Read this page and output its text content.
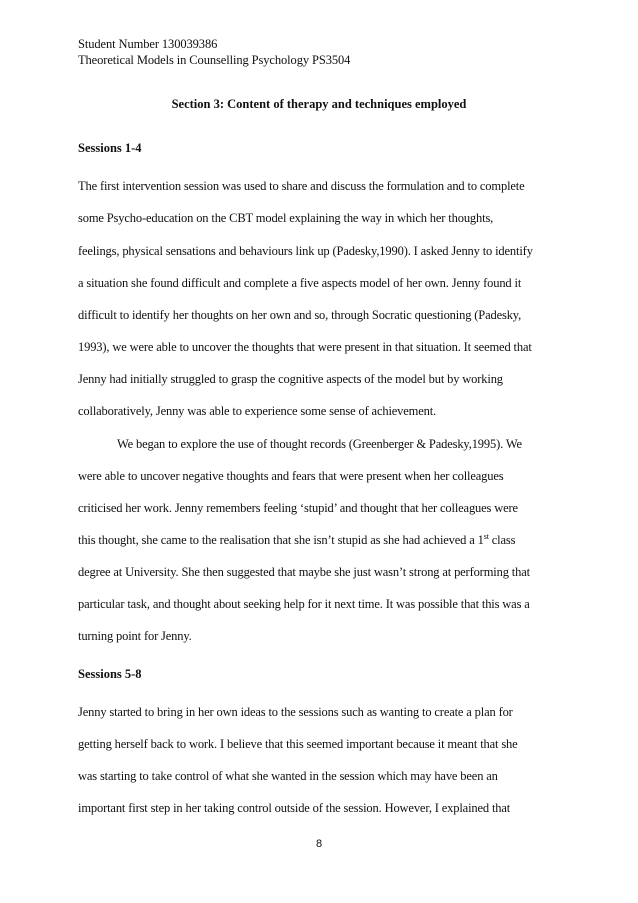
Student Number 130039386
Theoretical Models in Counselling Psychology PS3504
Section 3: Content of therapy and techniques employed
Sessions 1-4
The first intervention session was used to share and discuss the formulation and to complete
some Psycho-education on the CBT model explaining the way in which her thoughts,
feelings, physical sensations and behaviours link up (Padesky,1990). I asked Jenny to identify
a situation she found difficult and complete a five aspects model of her own. Jenny found it
difficult to identify her thoughts on her own and so, through Socratic questioning (Padesky,
1993), we were able to uncover the thoughts that were present in that situation. It seemed that
Jenny had initially struggled to grasp the cognitive aspects of the model but by working
collaboratively, Jenny was able to experience some sense of achievement.
We began to explore the use of thought records (Greenberger & Padesky,1995). We
were able to uncover negative thoughts and fears that were present when her colleagues
criticised her work. Jenny remembers feeling ‘stupid’ and thought that her colleagues were
this thought, she came to the realisation that she isn’t stupid as she had achieved a 1st class
degree at University. She then suggested that maybe she just wasn’t strong at performing that
particular task, and thought about seeking help for it next time. It was possible that this was a
turning point for Jenny.
Sessions 5-8
Jenny started to bring in her own ideas to the sessions such as wanting to create a plan for
getting herself back to work. I believe that this seemed important because it meant that she
was starting to take control of what she wanted in the session which may have been an
important first step in her taking control outside of the session. However, I explained that
8
